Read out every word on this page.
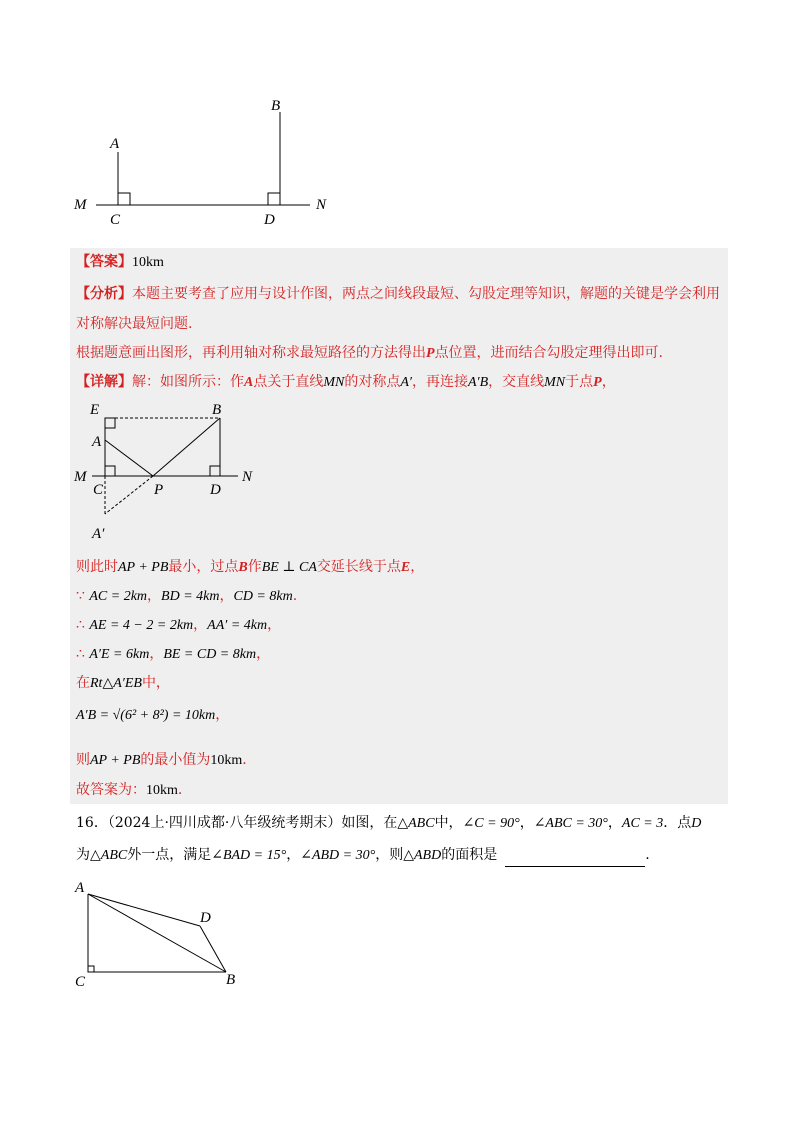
A
B
M
C	D
N
【答案】10km
【分析】本题主要考查了应用与设计作图，两点之间线段最短、勾股定理等知识，解题的关键是学会利用
对称解决最短问题.
根据题意画出图形，再利用轴对称求最短路径的方法得出P点位置，进而结合勾股定理得出即可.
【详解】解：如图所示：作A点关于直线MN的对称点A′，再连接A′B，交直线MN于点P，
E	B
A
M
C	P	D
N
A′
则此时AP + PB最小，过点B作BE ⊥ CA交延长线于点E，
∵ AC = 2km，BD = 4km，CD = 8km.
∴ AE = 4 − 2 = 2km，AA′ = 4km，
∴ A′E = 6km，BE = CD = 8km，
在Rt△A′EB中，
A′B = √(6² + 8²) = 10km，
则AP + PB的最小值为10km.
故答案为：10km.
16．（2024上·四川成都·八年级统考期末）如图，在△ABC中，∠C = 90°，∠ABC = 30°，AC = 3．点D
为△ABC外一点，满足∠BAD = 15°，∠ABD = 30°，则△ABD的面积是	.
A
D
C	B
